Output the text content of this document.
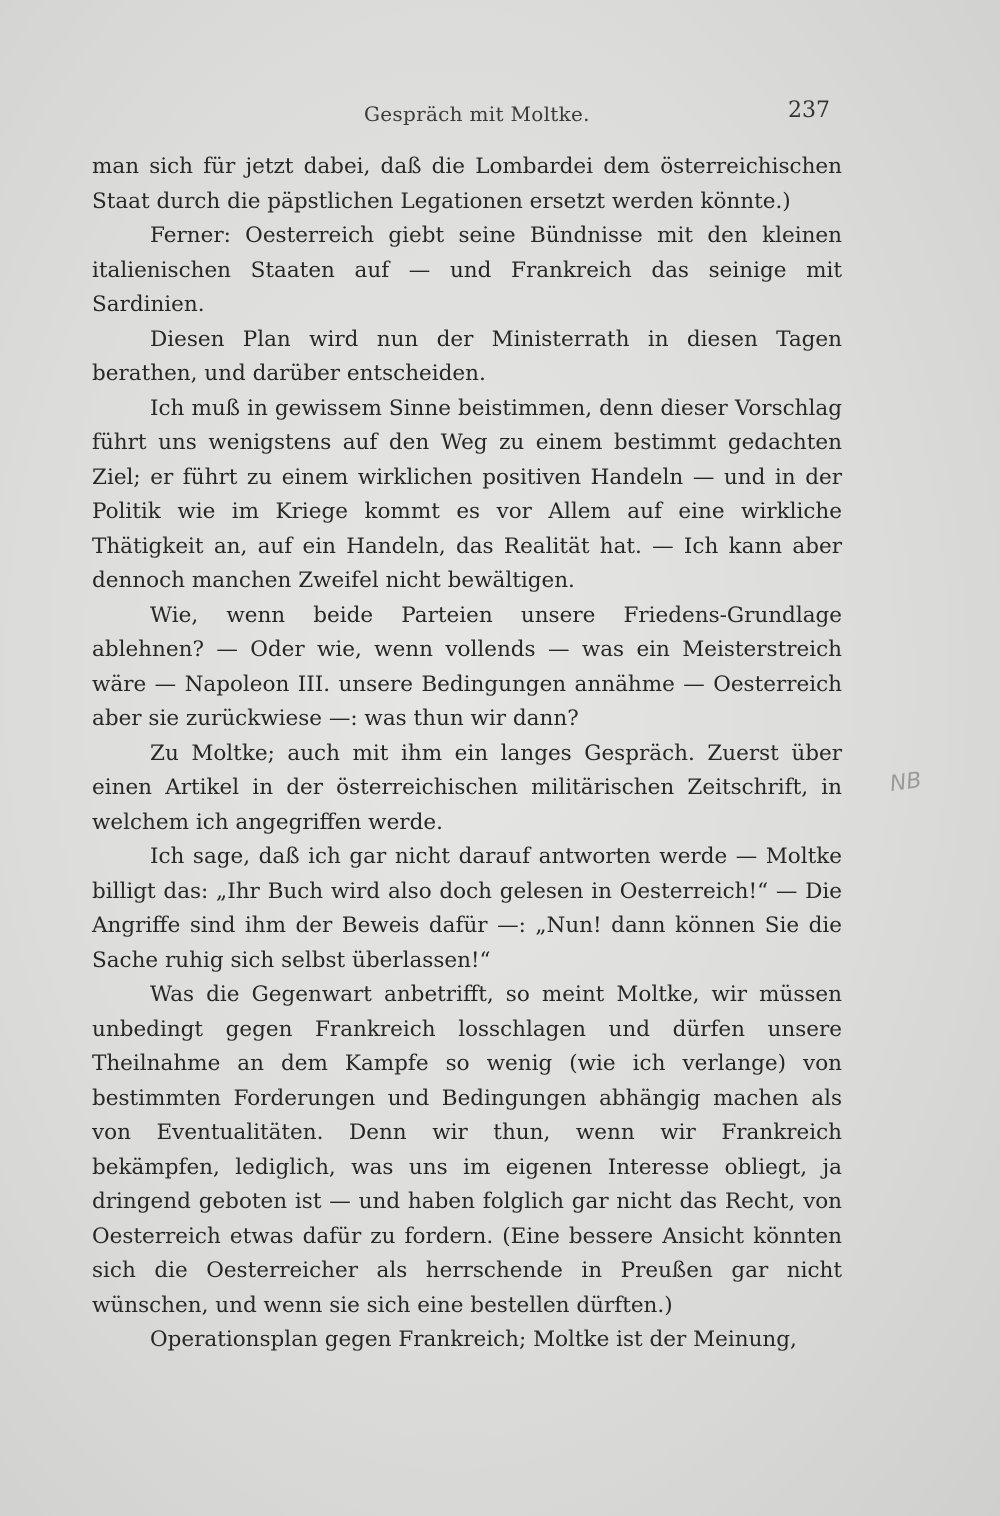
Gespräch mit Moltke.	237

man sich für jetzt dabei, daß die Lombardei dem österreichischen Staat durch die päpstlichen Legationen ersetzt werden könnte.)

Ferner: Oesterreich giebt seine Bündnisse mit den kleinen italienischen Staaten auf — und Frankreich das seinige mit Sardinien.

Diesen Plan wird nun der Ministerrath in diesen Tagen berathen, und darüber entscheiden.

Ich muß in gewissem Sinne beistimmen, denn dieser Vorschlag führt uns wenigstens auf den Weg zu einem bestimmt gedachten Ziel; er führt zu einem wirklichen positiven Handeln — und in der Politik wie im Kriege kommt es vor Allem auf eine wirkliche Thätigkeit an, auf ein Handeln, das Realität hat. — Ich kann aber dennoch manchen Zweifel nicht bewältigen.

Wie, wenn beide Parteien unsere Friedens-Grundlage ablehnen? — Oder wie, wenn vollends — was ein Meisterstreich wäre — Napoleon III. unsere Bedingungen annähme — Oesterreich aber sie zurückwiese —: was thun wir dann?

Zu Moltke; auch mit ihm ein langes Gespräch. Zuerst über einen Artikel in der österreichischen militärischen Zeitschrift, in welchem ich angegriffen werde.

Ich sage, daß ich gar nicht darauf antworten werde — Moltke billigt das: „Ihr Buch wird also doch gelesen in Oesterreich!“ — Die Angriffe sind ihm der Beweis dafür —: „Nun! dann können Sie die Sache ruhig sich selbst überlassen!“

Was die Gegenwart anbetrifft, so meint Moltke, wir müssen unbedingt gegen Frankreich losschlagen und dürfen unsere Theilnahme an dem Kampfe so wenig (wie ich verlange) von bestimmten Forderungen und Bedingungen abhängig machen als von Eventualitäten. Denn wir thun, wenn wir Frankreich bekämpfen, lediglich, was uns im eigenen Interesse obliegt, ja dringend geboten ist — und haben folglich gar nicht das Recht, von Oesterreich etwas dafür zu fordern. (Eine bessere Ansicht könnten sich die Oesterreicher als herrschende in Preußen gar nicht wünschen, und wenn sie sich eine bestellen dürften.)

Operationsplan gegen Frankreich; Moltke ist der Meinung,

NB
